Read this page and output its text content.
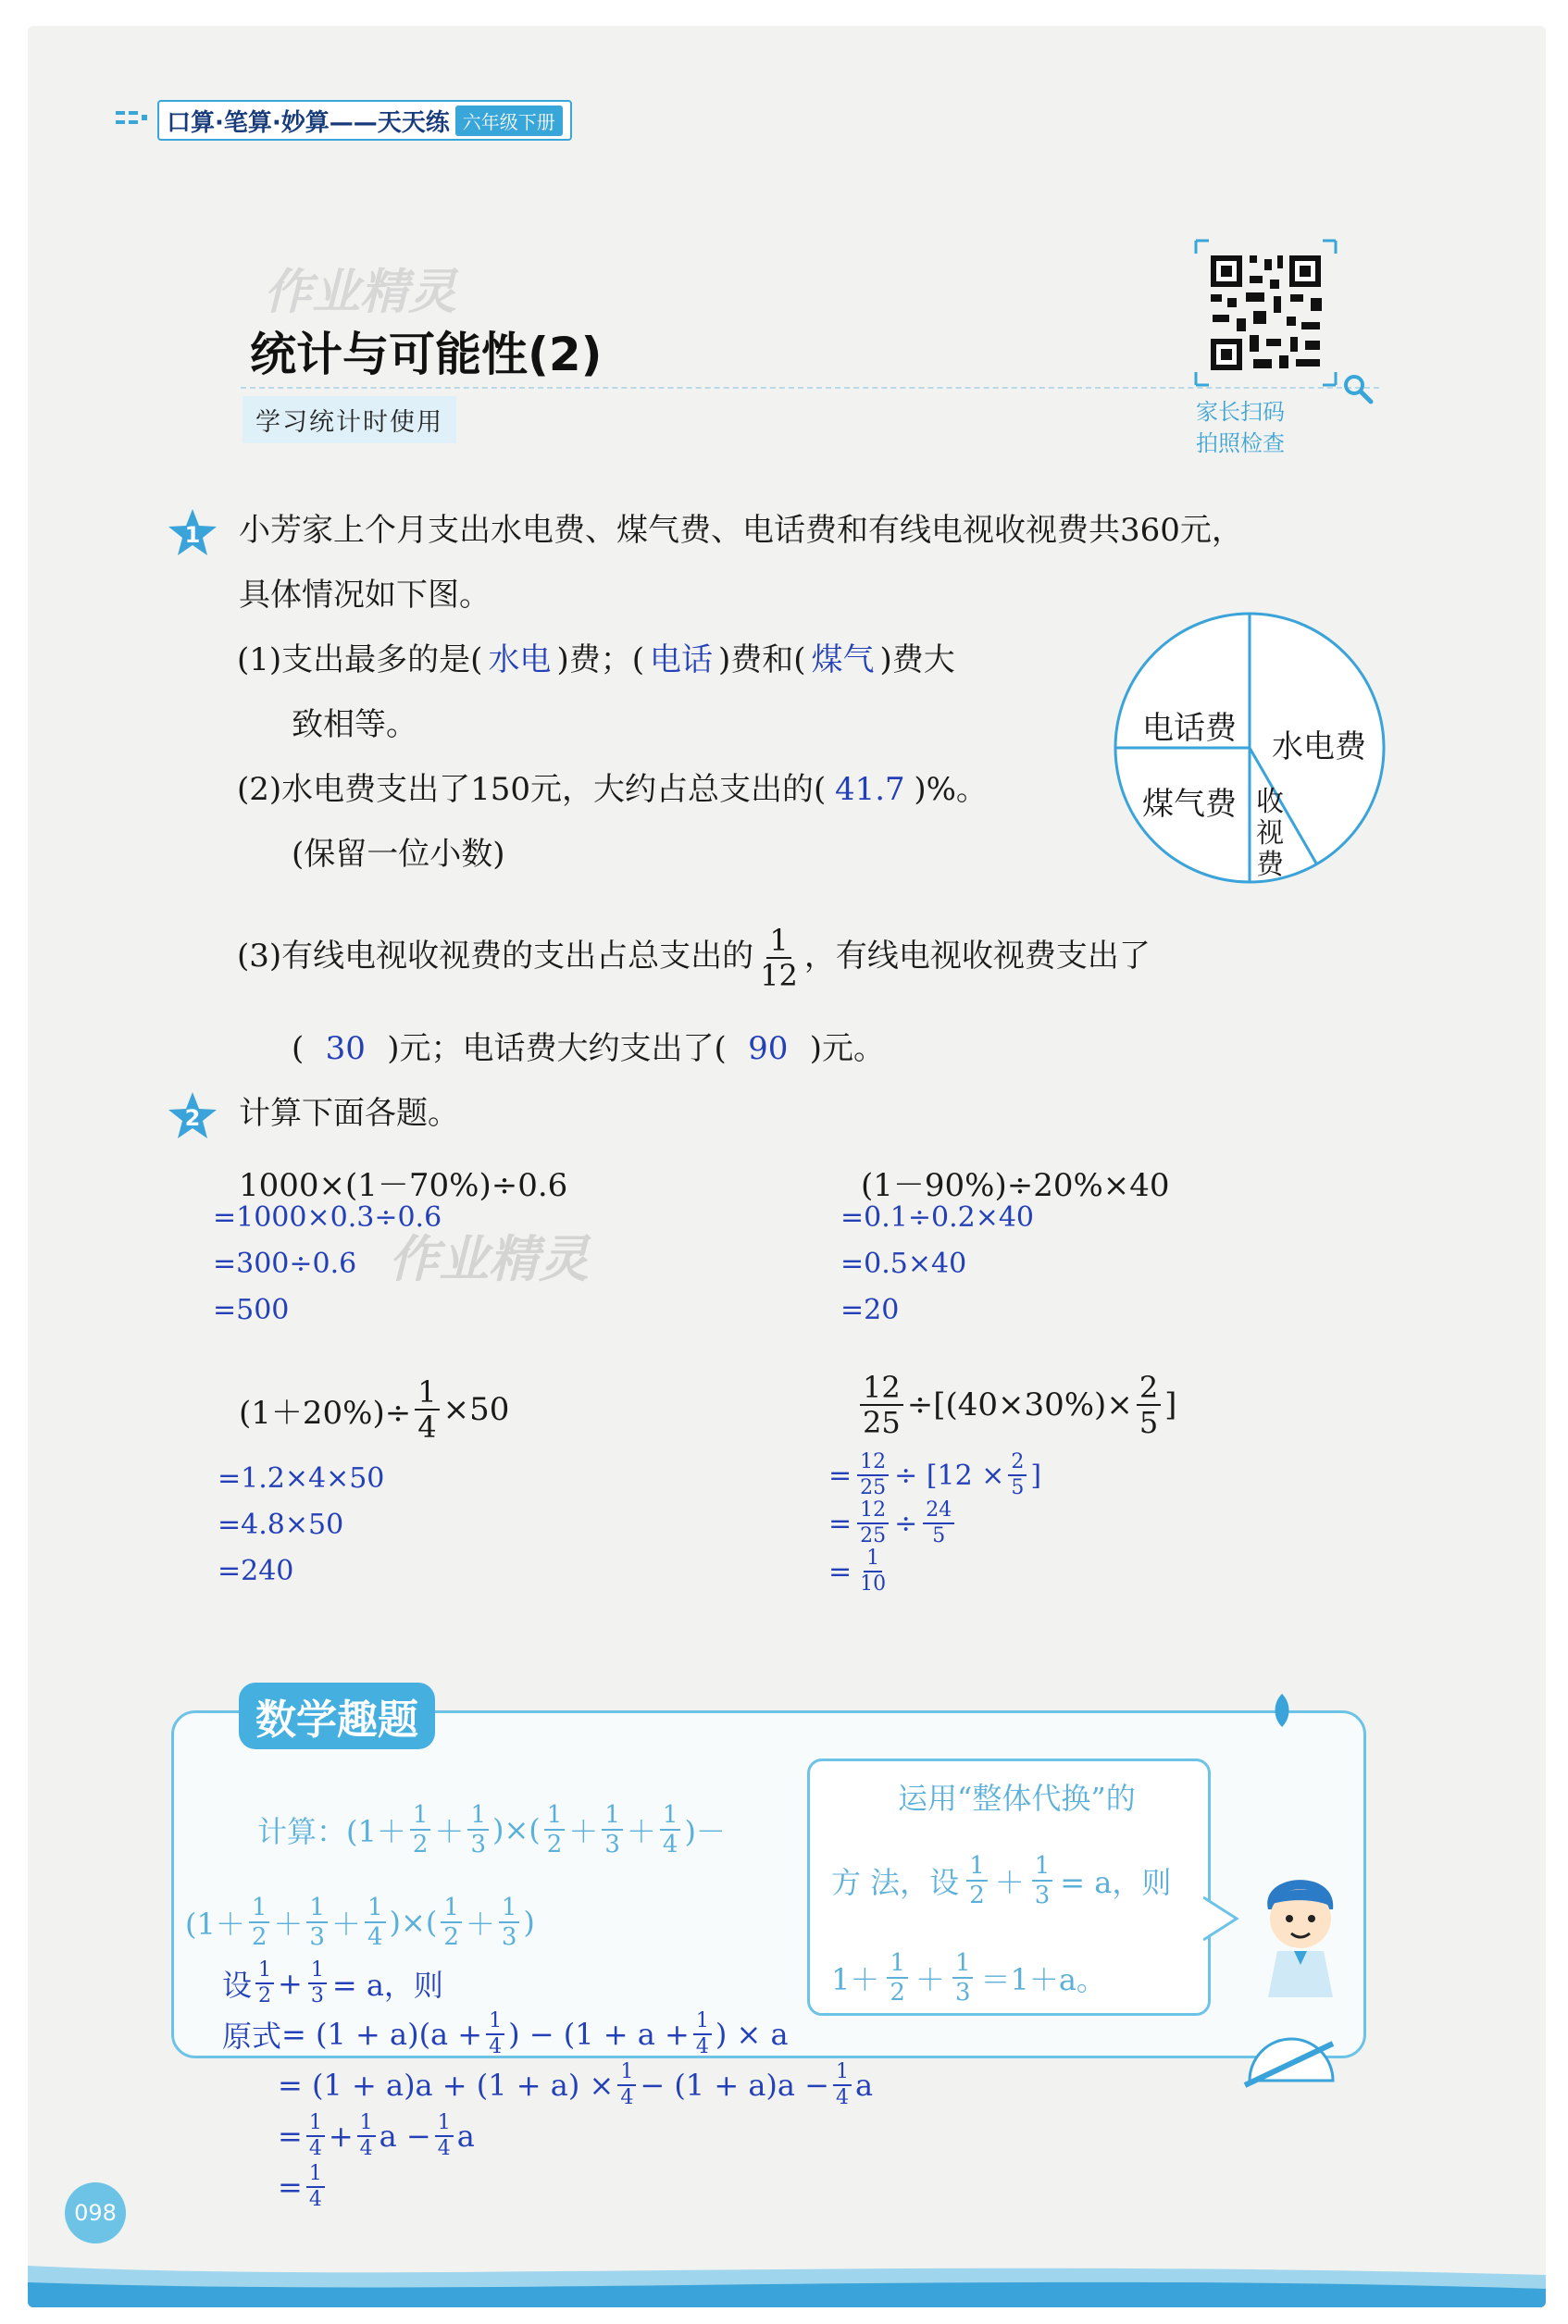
口算·笔算·妙算——天天练 六年级下册
作业精灵
统计与可能性(2)
学习统计时使用	家长扫码
拍照检查
1 小芳家上个月支出水电费、煤气费、电话费和有线电视收视费共360元，
具体情况如下图。
(1)支出最多的是( 水电 )费；( 电话 )费和( 煤气 )费大
致相等。
(2)水电费支出了150元，大约占总支出的( 41.7 )%。
(保留一位小数)
电话费 水电费
煤气费 收
视
费
(3)有线电视收视费的支出占总支出的 $\frac{1}{12}$ ，有线电视收视费支出了
( 30 )元；电话费大约支出了( 90 )元。
2 计算下面各题。
1000×(1－70%)÷0.6
=1000×0.3÷0.6
=300÷0.6
=500
作业精灵
(1－90%)÷20%×40
=0.1÷0.2×40
=0.5×40
=20
$(1+20\%)\div \frac{1}{4} \times 50$
=1.2×4×50
=4.8×50
=240
$\frac{12}{25} \div[(40\times 30\%)\times \frac{2}{5}$ ]
= $\frac{12}{25} \div [12 \times \frac{2}{5}$ ]
= $\frac{12}{25} \div \frac{24}{5}$
= $\frac{1}{10}$
数学趣题
计算： ($1+ \frac{1}{2} + \frac{1}{3}$ )×( $\frac{1}{2} + \frac{1}{3} + \frac{1}{4}$ )－
($1+ \frac{1}{2} + \frac{1}{3} + \frac{1}{4}$ )×( $\frac{1}{2} + \frac{1}{3}$ )
运用“整体代换”的
方 法，设 $\frac{1}{2} + \frac{1}{3} = a$，则
$1+ \frac{1}{2} + \frac{1}{3} =1+a$。
设 $\frac{1}{2} + \frac{1}{3} = a$，则
原式 = $(1 + a)(a + \frac{1}{4}$ ) − ($1 + a + \frac{1}{4}$ ) × a
= $(1 + a)a + (1 + a) \times \frac{1}{4} - (1 + a)a - \frac{1}{4}$ a
= $\frac{1}{4} + \frac{1}{4}$ $a - \frac{1}{4}$ a
= $\frac{1}{4}$
098
